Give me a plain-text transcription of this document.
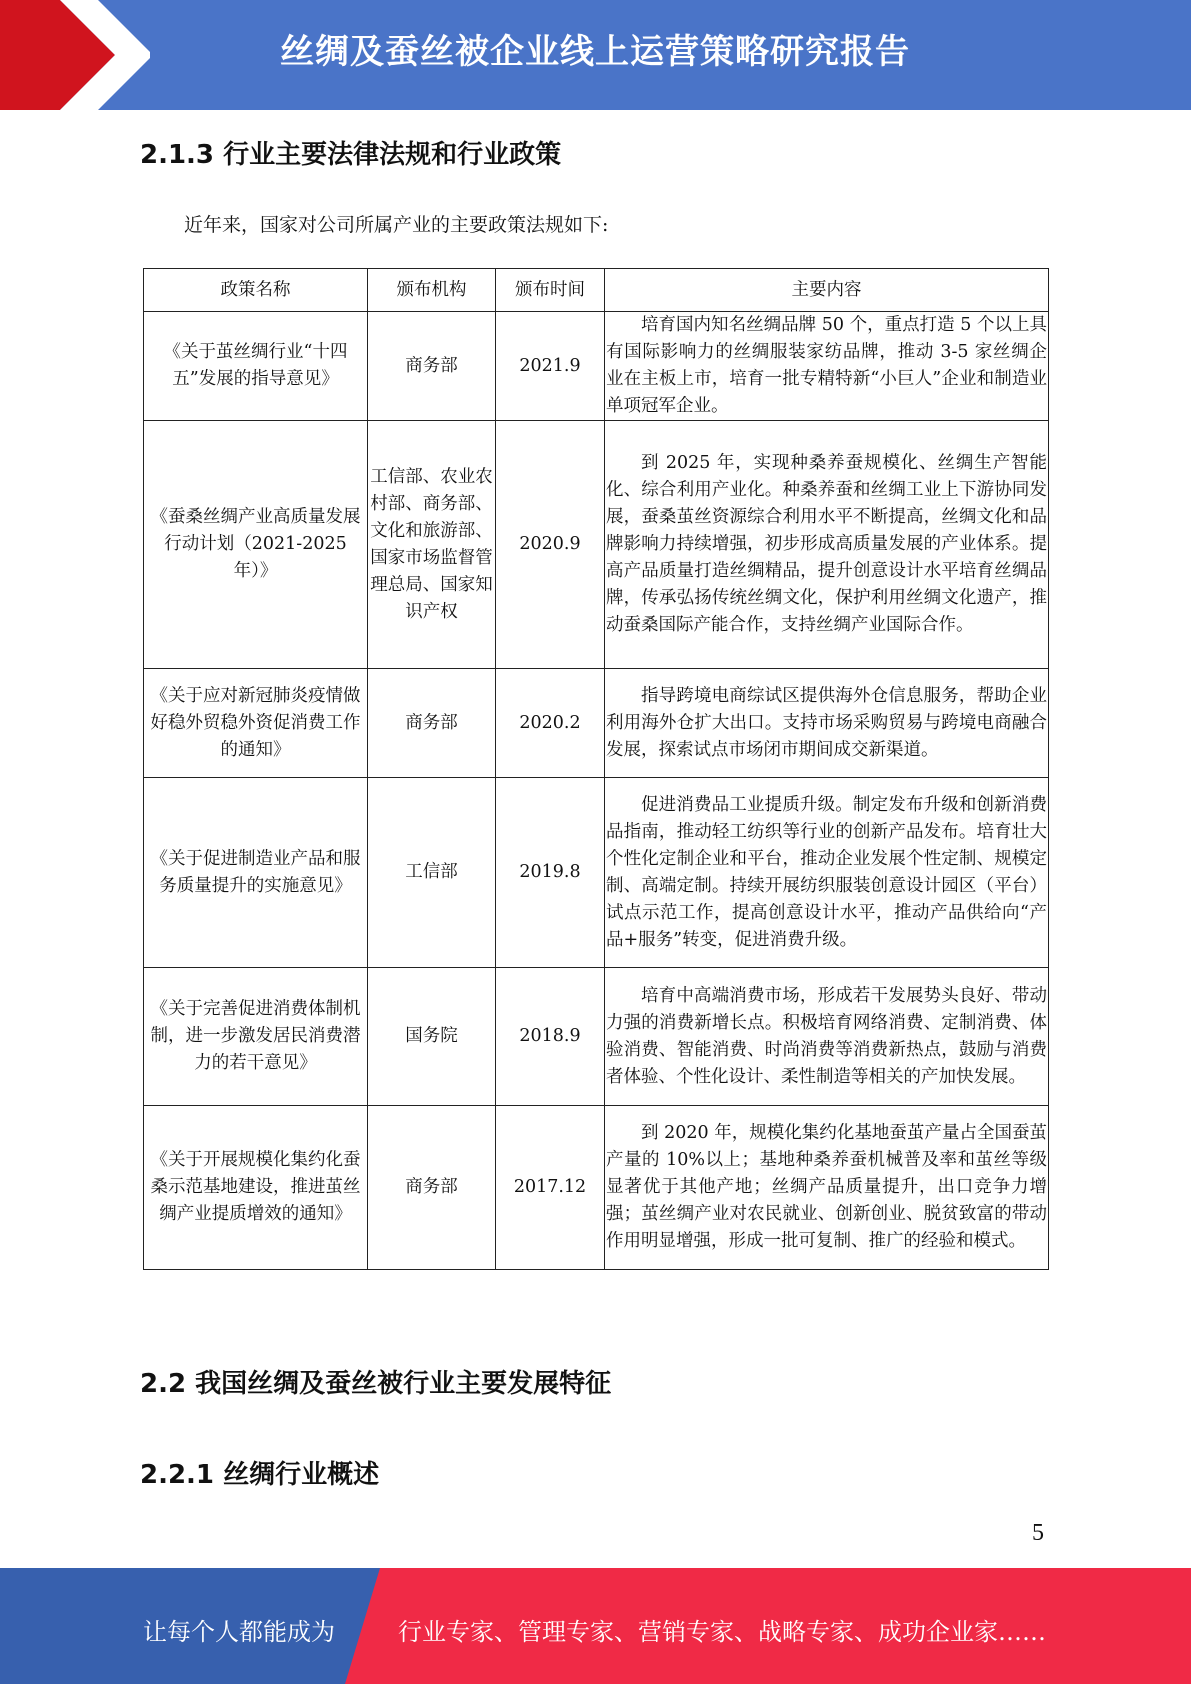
丝绸及蚕丝被企业线上运营策略研究报告
2.1.3 行业主要法律法规和行业政策
近年来，国家对公司所属产业的主要政策法规如下:
政策名称	颁布机构	颁布时间	主要内容
《关于茧丝绸行业“十四五”发展的指导意见》	商务部	2021.9	培育国内知名丝绸品牌 50 个，重点打造 5 个以上具有国际影响力的丝绸服装家纺品牌，推动 3-5 家丝绸企业在主板上市，培育一批专精特新“小巨人”企业和制造业单项冠军企业。

《蚕桑丝绸产业高质量发展行动计划（2021-2025 年）》	工信部、农业农村部、商务部、文化和旅游部、国家市场监督管理总局、国家知识产权	2020.9	到 2025 年，实现种桑养蚕规模化、丝绸生产智能化、综合利用产业化。种桑养蚕和丝绸工业上下游协同发展，蚕桑茧丝资源综合利用水平不断提高，丝绸文化和品牌影响力持续增强，初步形成高质量发展的产业体系。提高产品质量打造丝绸精品，提升创意设计水平培育丝绸品牌，传承弘扬传统丝绸文化，保护利用丝绸文化遗产，推动蚕桑国际产能合作，支持丝绸产业国际合作。

《关于应对新冠肺炎疫情做好稳外贸稳外资促消费工作的通知》	商务部	2020.2	指导跨境电商综试区提供海外仓信息服务，帮助企业利用海外仓扩大出口。支持市场采购贸易与跨境电商融合发展，探索试点市场闭市期间成交新渠道。

《关于促进制造业产品和服务质量提升的实施意见》	工信部	2019.8	促进消费品工业提质升级。制定发布升级和创新消费品指南，推动轻工纺织等行业的创新产品发布。培育壮大个性化定制企业和平台，推动企业发展个性定制、规模定制、高端定制。持续开展纺织服装创意设计园区（平台）试点示范工作，提高创意设计水平，推动产品供给向“产品+服务”转变，促进消费升级。

《关于完善促进消费体制机制，进一步激发居民消费潜力的若干意见》	国务院	2018.9	培育中高端消费市场，形成若干发展势头良好、带动力强的消费新增长点。积极培育网络消费、定制消费、体验消费、智能消费、时尚消费等消费新热点，鼓励与消费者体验、个性化设计、柔性制造等相关的产加快发展。

《关于开展规模化集约化蚕桑示范基地建设，推进茧丝绸产业提质增效的通知》	商务部	2017.12	到 2020 年，规模化集约化基地蚕茧产量占全国蚕茧产量的 10%以上；基地种桑养蚕机械普及率和茧丝等级显著优于其他产地；丝绸产品质量提升，出口竞争力增强；茧丝绸产业对农民就业、创新创业、脱贫致富的带动作用明显增强，形成一批可复制、推广的经验和模式。
2.2 我国丝绸及蚕丝被行业主要发展特征
2.2.1 丝绸行业概述
5
让每个人都能成为	行业专家、管理专家、营销专家、战略专家、成功企业家……
